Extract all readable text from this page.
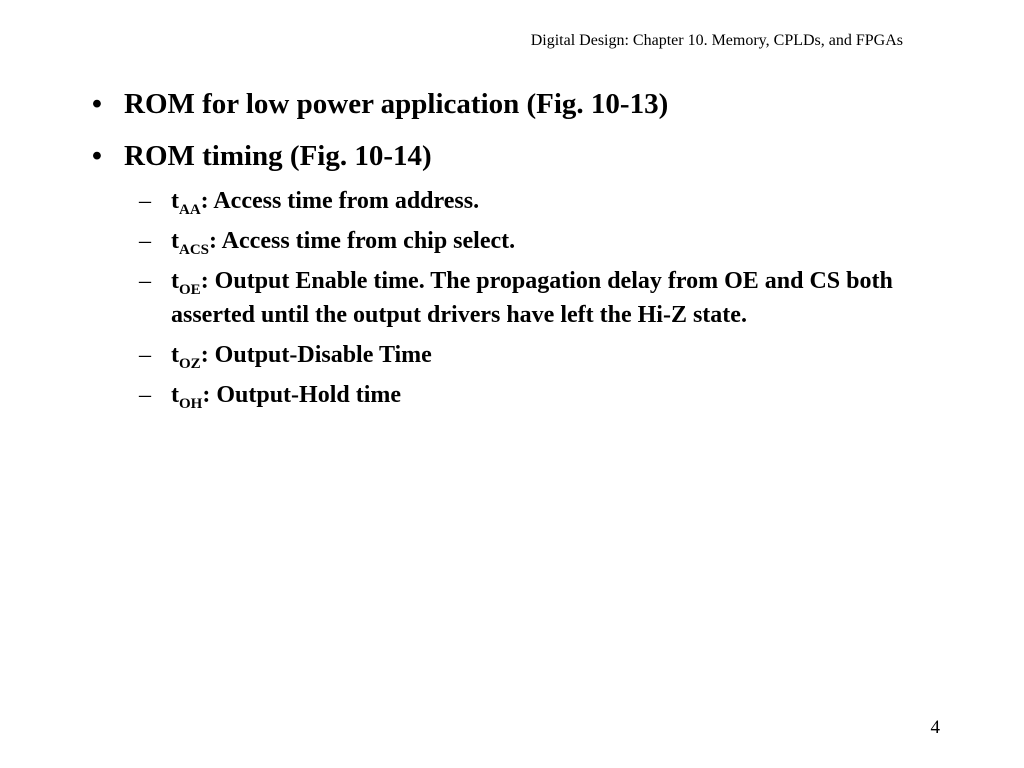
Digital Design: Chapter 10. Memory, CPLDs, and FPGAs
• ROM for low power application (Fig. 10-13)
• ROM timing (Fig. 10-14)
– $t_{AA}$: Access time from address.
– $t_{ACS}$: Access time from chip select.
– $t_{OE}$: Output Enable time. The propagation delay from OE and CS both asserted until the output drivers have left the Hi-Z state.
– $t_{OZ}$: Output-Disable Time
– $t_{OH}$: Output-Hold time
4
